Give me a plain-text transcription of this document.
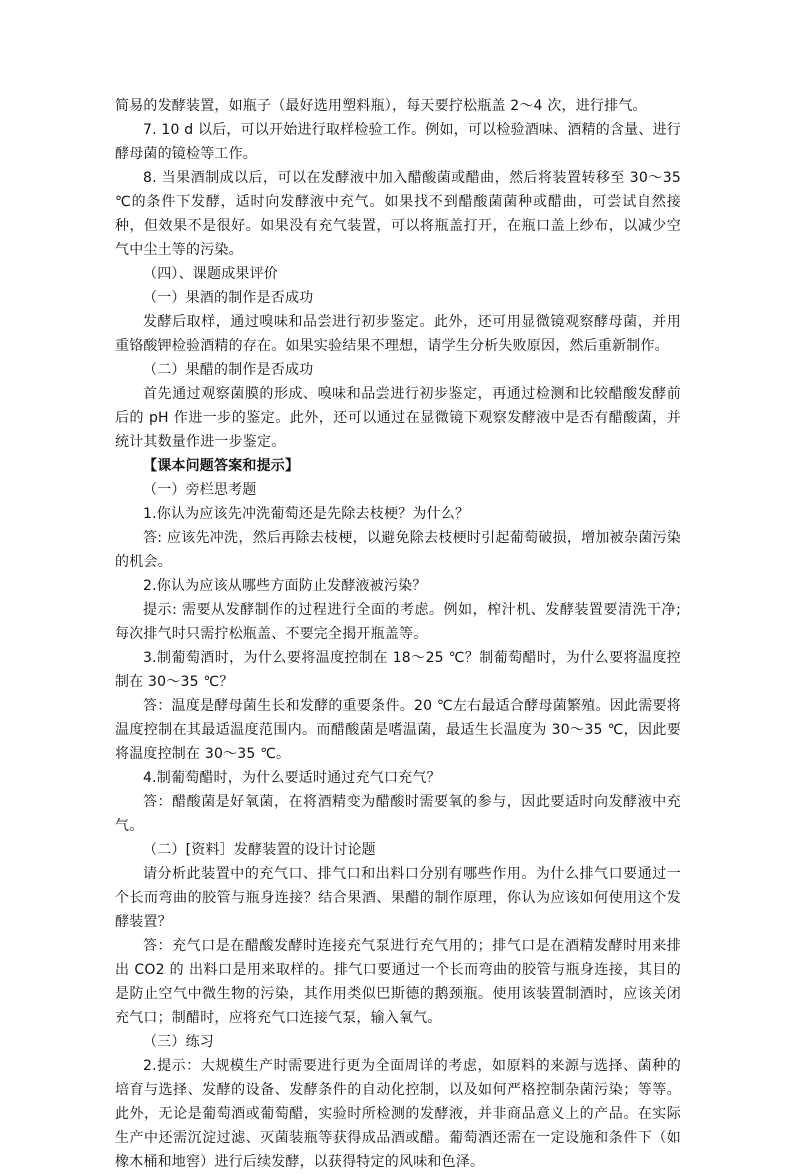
简易的发酵装置，如瓶子（最好选用塑料瓶），每天要拧松瓶盖 2～4 次，进行排气。

7. 10 d 以后，可以开始进行取样检验工作。例如，可以检验酒味、酒精的含量、进行酵母菌的镜检等工作。

8. 当果酒制成以后，可以在发酵液中加入醋酸菌或醋曲，然后将装置转移至 30～35 ℃的条件下发酵，适时向发酵液中充气。如果找不到醋酸菌菌种或醋曲，可尝试自然接种，但效果不是很好。如果没有充气装置，可以将瓶盖打开，在瓶口盖上纱布，以减少空气中尘土等的污染。

（四）、课题成果评价

（一）果酒的制作是否成功

发酵后取样，通过嗅味和品尝进行初步鉴定。此外，还可用显微镜观察酵母菌，并用重铬酸钾检验酒精的存在。如果实验结果不理想，请学生分析失败原因，然后重新制作。

（二）果醋的制作是否成功

首先通过观察菌膜的形成、嗅味和品尝进行初步鉴定，再通过检测和比较醋酸发酵前后的 pH 作进一步的鉴定。此外，还可以通过在显微镜下观察发酵液中是否有醋酸菌，并统计其数量作进一步鉴定。

【课本问题答案和提示】

（一）旁栏思考题

1.你认为应该先冲洗葡萄还是先除去枝梗？为什么？

答: 应该先冲洗，然后再除去枝梗，以避免除去枝梗时引起葡萄破损，增加被杂菌污染的机会。

2.你认为应该从哪些方面防止发酵液被污染？

提示: 需要从发酵制作的过程进行全面的考虑。例如，榨汁机、发酵装置要清洗干净; 每次排气时只需拧松瓶盖、不要完全揭开瓶盖等。

3.制葡萄酒时，为什么要将温度控制在 18～25 ℃？制葡萄醋时，为什么要将温度控制在 30～35 ℃？

答：温度是酵母菌生长和发酵的重要条件。20 ℃左右最适合酵母菌繁殖。因此需要将温度控制在其最适温度范围内。而醋酸菌是嗜温菌，最适生长温度为 30～35 ℃，因此要将温度控制在 30～35 ℃。

4.制葡萄醋时，为什么要适时通过充气口充气？

答：醋酸菌是好氧菌，在将酒精变为醋酸时需要氧的参与，因此要适时向发酵液中充气。

（二）[资料］发酵装置的设计讨论题

请分析此装置中的充气口、排气口和出料口分别有哪些作用。为什么排气口要通过一个长而弯曲的胶管与瓶身连接？结合果酒、果醋的制作原理，你认为应该如何使用这个发酵装置？

答：充气口是在醋酸发酵时连接充气泵进行充气用的；排气口是在酒精发酵时用来排出 CO2 的 出料口是用来取样的。排气口要通过一个长而弯曲的胶管与瓶身连接，其目的是防止空气中微生物的污染，其作用类似巴斯德的鹅颈瓶。使用该装置制酒时，应该关闭充气口；制醋时，应将充气口连接气泵，输入氧气。

（三）练习

2.提示：大规模生产时需要进行更为全面周详的考虑，如原料的来源与选择、菌种的培育与选择、发酵的设备、发酵条件的自动化控制，以及如何严格控制杂菌污染；等等。此外，无论是葡萄酒或葡萄醋，实验时所检测的发酵液，并非商品意义上的产品。在实际生产中还需沉淀过滤、灭菌装瓶等获得成品酒或醋。葡萄酒还需在一定设施和条件下（如橡木桶和地窖）进行后续发酵，以获得特定的风味和色泽。
